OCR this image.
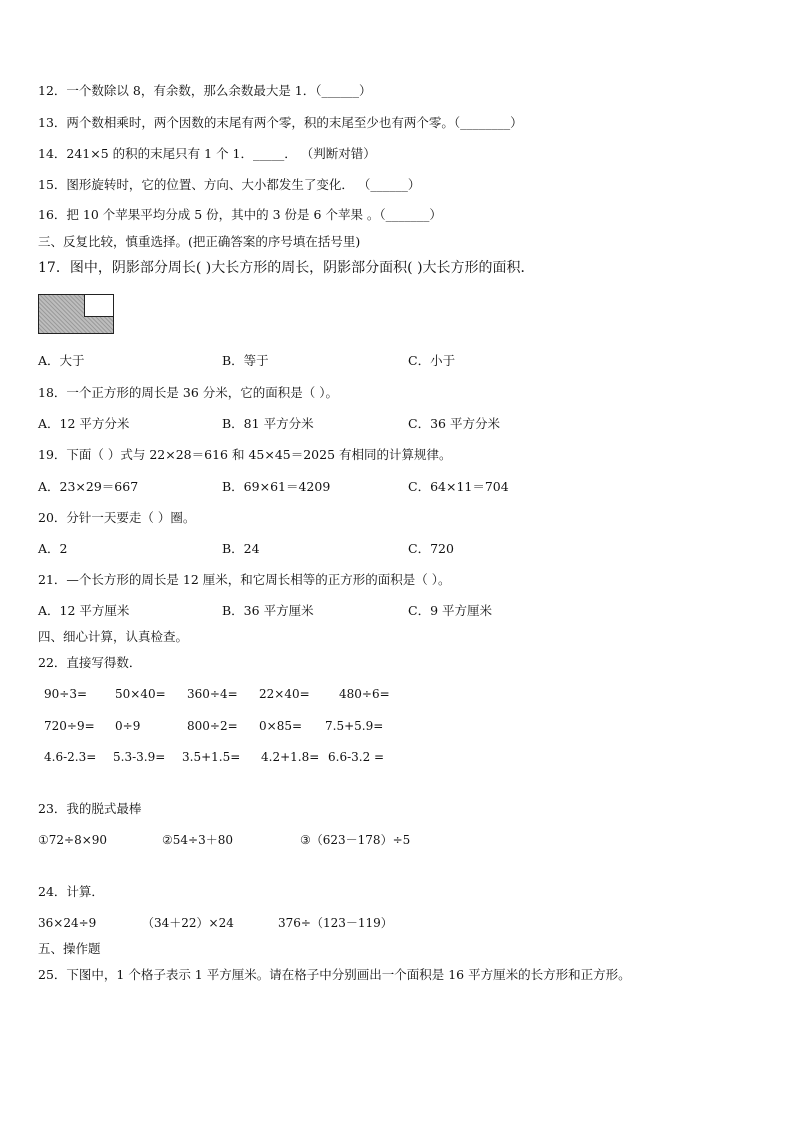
12．一个数除以 8，有余数，那么余数最大是 1．（______）
13．两个数相乘时，两个因数的末尾有两个零，积的末尾至少也有两个零。（________）
14．241×5 的积的末尾只有 1 个 1．_____． （判断对错）
15．图形旋转时，它的位置、方向、大小都发生了变化． （______）
16．把 10 个苹果平均分成 5 份，其中的 3 份是 6 个苹果 。（_______）
三、反复比较，慎重选择。(把正确答案的序号填在括号里)
17．图中，阴影部分周长( )大长方形的周长，阴影部分面积( )大长方形的面积．
A．大于	B．等于	C．小于
18．一个正方形的周长是 36 分米，它的面积是（ ）。
A．12 平方分米	B．81 平方分米	C．36 平方分米
19．下面（ ）式与 22×28＝616 和 45×45＝2025 有相同的计算规律。
A．23×29＝667	B．69×61＝4209	C．64×11＝704
20．分针一天要走（ ）圈。
A．2	B．24	C．720
21．—个长方形的周长是 12 厘米，和它周长相等的正方形的面积是（ ）。
A．12 平方厘米	B．36 平方厘米	C．9 平方厘米
四、细心计算，认真检查。
22．直接写得数．
90÷3= 50×40= 360÷4= 22×40= 480÷6=
720÷9= 0÷9	800÷2= 0×85= 7.5+5.9=
4.6-2.3= 5.3-3.9= 3.5+1.5= 4.2+1.8= 6.6-3.2 =
23．我的脱式最棒
①72÷8×90	②54÷3＋80	③（623－178）÷5
24．计算．
36×24÷9	（34＋22）×24	376÷（123－119）
五、操作题
25．下图中，1 个格子表示 1 平方厘米。请在格子中分别画出一个面积是 16 平方厘米的长方形和正方形。
